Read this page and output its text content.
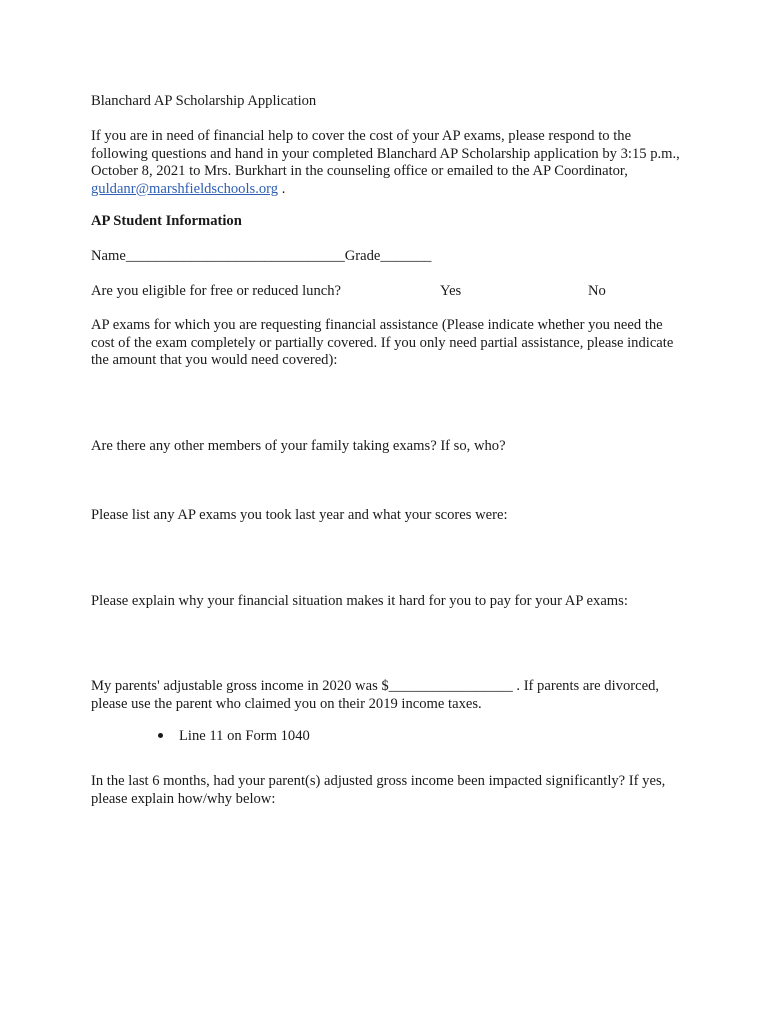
Blanchard AP Scholarship Application

If you are in need of financial help to cover the cost of your AP exams, please respond to the following questions and hand in your completed Blanchard AP Scholarship application by 3:15 p.m., October 8, 2021 to Mrs. Burkhart in the counseling office or emailed to the AP Coordinator, guldanr@marshfieldschools.org .

AP Student Information

Name______________________________Grade_______

Are you eligible for free or reduced lunch?	Yes	No

AP exams for which you are requesting financial assistance (Please indicate whether you need the cost of the exam completely or partially covered. If you only need partial assistance, please indicate the amount that you would need covered):

Are there any other members of your family taking exams? If so, who?

Please list any AP exams you took last year and what your scores were:

Please explain why your financial situation makes it hard for you to pay for your AP exams:

My parents' adjustable gross income in 2020 was $_________________ . If parents are divorced, please use the parent who claimed you on their 2019 income taxes.

Line 11 on Form 1040

In the last 6 months, had your parent(s) adjusted gross income been impacted significantly? If yes, please explain how/why below:
